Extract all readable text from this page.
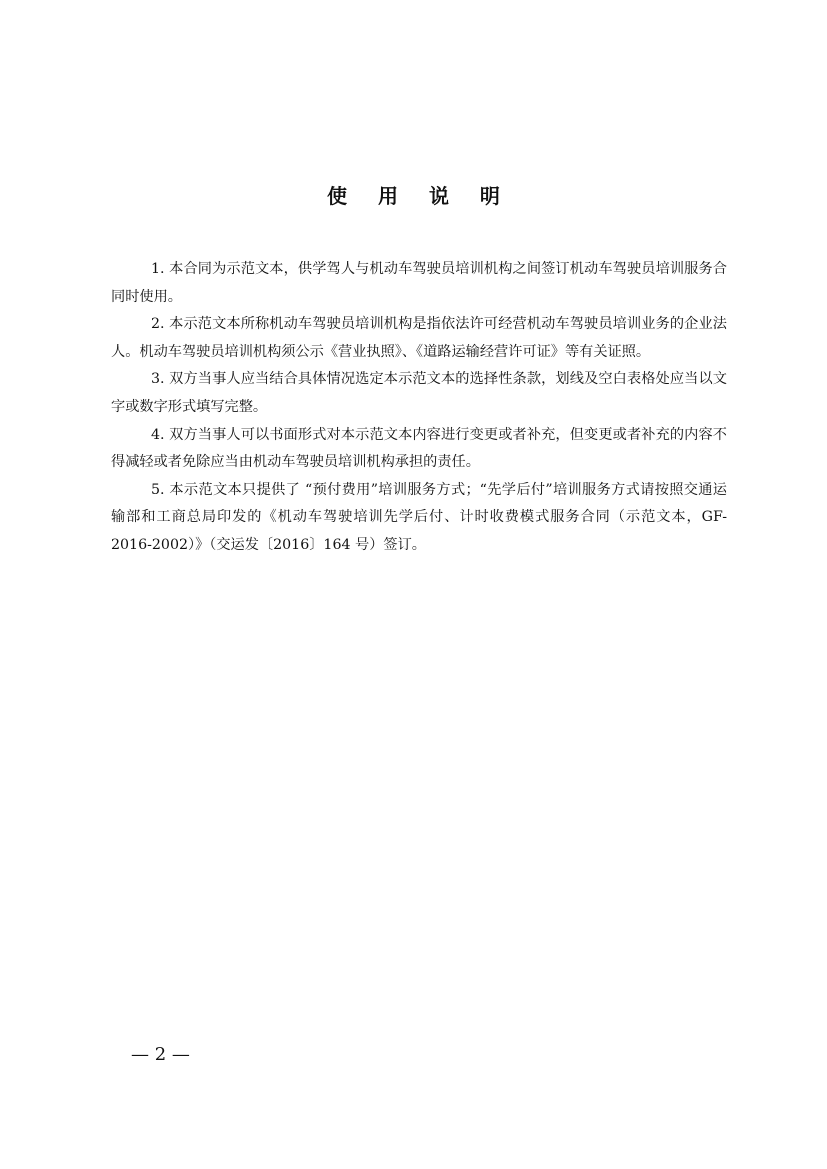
使 用 说 明

1. 本合同为示范文本，供学驾人与机动车驾驶员培训机构之间签订机动车驾驶员培训服务合同时使用。

2. 本示范文本所称机动车驾驶员培训机构是指依法许可经营机动车驾驶员培训业务的企业法人。机动车驾驶员培训机构须公示《营业执照》、《道路运输经营许可证》等有关证照。

3. 双方当事人应当结合具体情况选定本示范文本的选择性条款，划线及空白表格处应当以文字或数字形式填写完整。

4. 双方当事人可以书面形式对本示范文本内容进行变更或者补充，但变更或者补充的内容不得减轻或者免除应当由机动车驾驶员培训机构承担的责任。

5. 本示范文本只提供了 “预付费用”培训服务方式；“先学后付”培训服务方式请按照交通运输部和工商总局印发的《机动车驾驶培训先学后付、计时收费模式服务合同（示范文本，GF-2016-2002）》（交运发〔2016〕164 号）签订。

— 2 —
